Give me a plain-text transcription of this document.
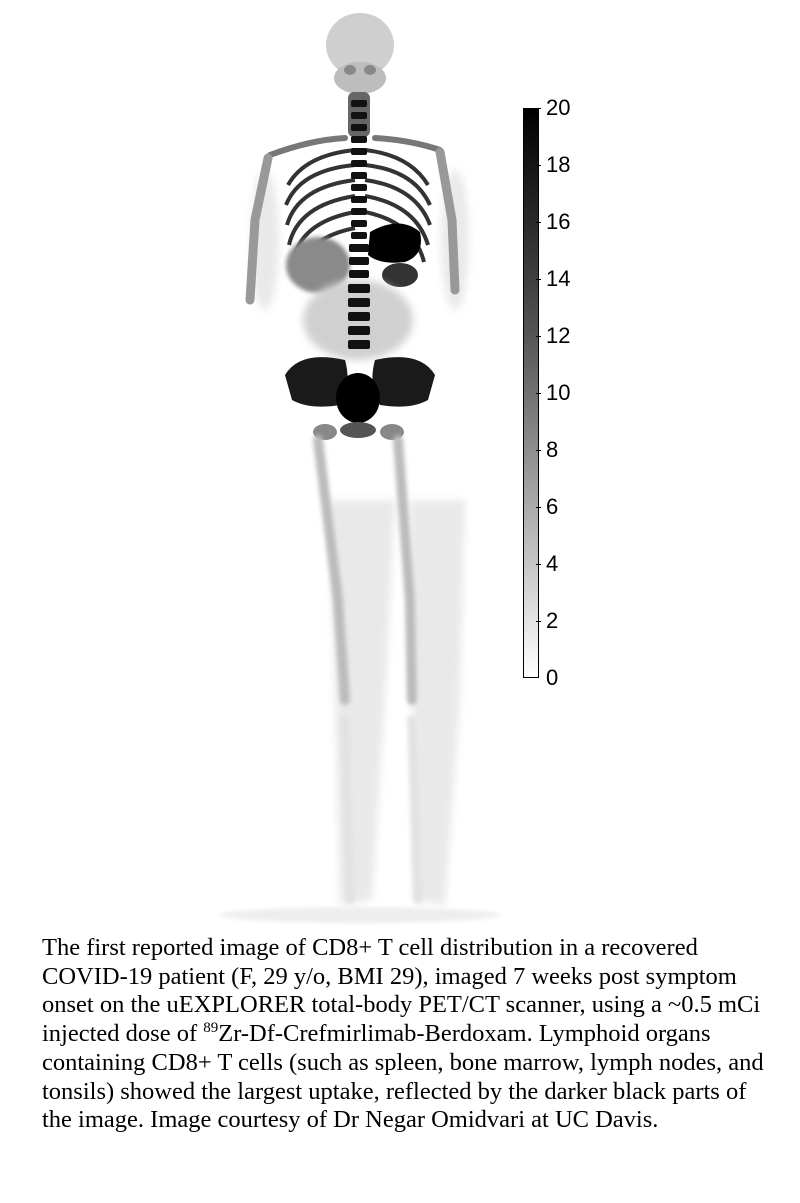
20
18
16
14
12
10
8
6
4
2
0
The first reported image of CD8+ T cell distribution in a recovered COVID-19 patient (F, 29 y/o, BMI 29), imaged 7 weeks post symptom onset on the uEXPLORER total-body PET/CT scanner, using a ~0.5 mCi injected dose of $^{89}$Zr-Df-Crefmirlimab-Berdoxam. Lymphoid organs containing CD8+ T cells (such as spleen, bone marrow, lymph nodes, and tonsils) showed the largest uptake, reflected by the darker black parts of the image. Image courtesy of Dr Negar Omidvari at UC Davis.
